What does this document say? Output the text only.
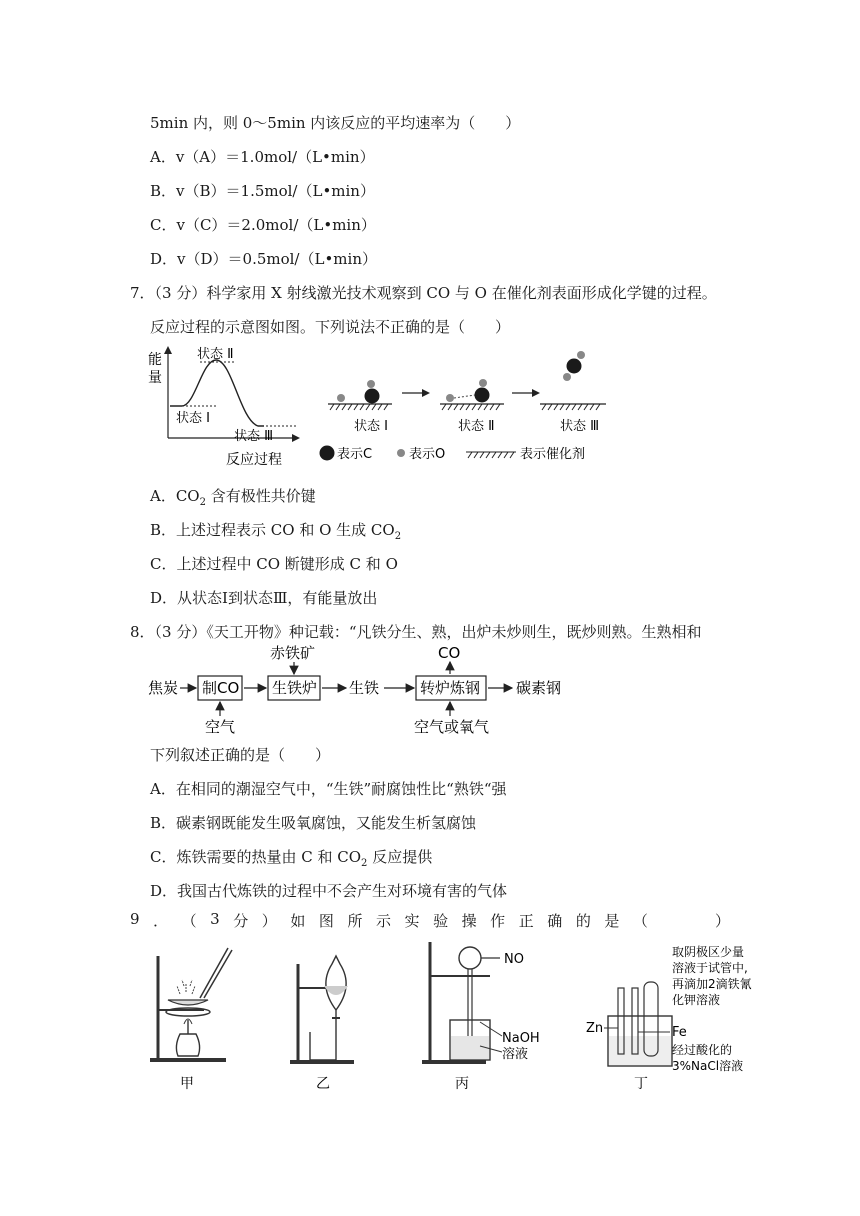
5min 内，则 0～5min 内该反应的平均速率为（　　）
A．v（A）＝1.0mol/（L•min）
B．v（B）＝1.5mol/（L•min）
C．v（C）＝2.0mol/（L•min）
D．v（D）＝0.5mol/（L•min）
7．（3 分）科学家用 X 射线激光技术观察到 CO 与 O 在催化剂表面形成化学键的过程。
反应过程的示意图如图。下列说法不正确的是（　　）
能
量
反应过程
状态 Ⅱ
状态 I
状态 Ⅲ
状态 I	状态 Ⅱ	状态 Ⅲ
表示C	表示O	表示催化剂
A．$CO_2$ 含有极性共价键
B．上述过程表示 CO 和 O 生成 $CO_2$
C．上述过程中 CO 断键形成 C 和 O
D．从状态Ⅰ到状态Ⅲ，有能量放出
8．（3 分）《天工开物》种记载：“凡铁分生、熟，出炉未炒则生，既炒则熟。生熟相和
焦炭 制CO
空气
生铁炉
赤铁矿
生铁	转炉炼钢
CO
空气或氧气
碳素钢
下列叙述正确的是（　　）
A．在相同的潮湿空气中，“生铁”耐腐蚀性比“熟铁“强
B．碳素钢既能发生吸氧腐蚀，又能发生析氢腐蚀
C．炼铁需要的热量由 C 和 $CO_2$ 反应提供
D．我国古代炼铁的过程中不会产生对环境有害的气体
9 ． （ 3 分 ） 如 图 所 示 实 验 操 作 正 确 的 是 （	）
甲	乙
NO
NaOH
溶液
丙
取阴极区少量
溶液于试管中,
再滴加2滴铁氰
化钾溶液
Zn	Fe
经过酸化的
3%NaCl溶液
丁
